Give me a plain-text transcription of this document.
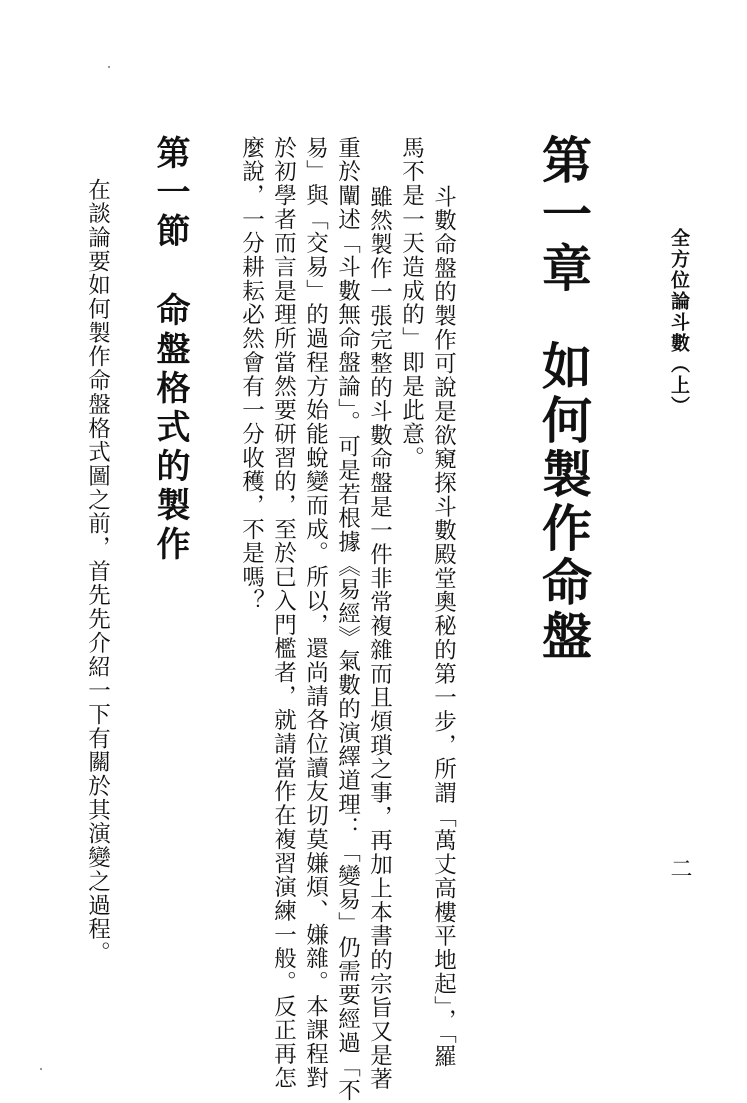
全方位論斗數（上）
第一章如何製作命盤
斗數命盤的製作可說是欲窺探斗數殿堂奧秘的第一步，所謂「萬丈高樓平地起」，「羅
馬不是一天造成的」即是此意。
雖然製作一張完整的斗數命盤是一件非常複雜而且煩瑣之事，再加上本書的宗旨又是著
重於闡述「斗數無命盤論」。可是若根據《易經》氣數的演繹道理：「變易」仍需要經過「不
易」與「交易」的過程方始能蛻變而成。所以，還尚請各位讀友切莫嫌煩、嫌雜。本課程對
於初學者而言是理所當然要研習的，至於已入門檻者，就請當作在複習演練一般。反正再怎
麼說，一分耕耘必然會有一分收穫，不是嗎？
第一節命盤格式的製作
在談論要如何製作命盤格式圖之前，首先先介紹一下有關於其演變之過程。	二
